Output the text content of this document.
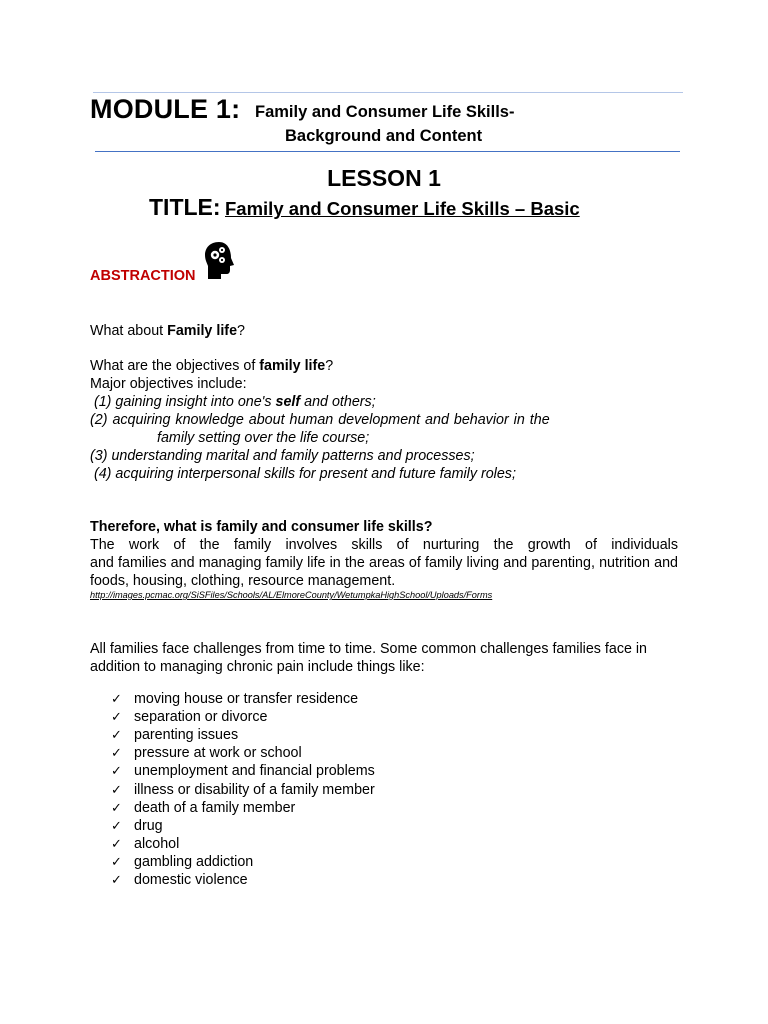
MODULE 1: Family and Consumer Life Skills-
Background and Content
LESSON 1
TITLE: Family and Consumer Life Skills – Basic
ABSTRACTION
What about Family life?
What are the objectives of family life?
Major objectives include:
(1) gaining insight into one's self and others;
(2) acquiring knowledge about human development and behavior in the
family setting over the life course;
(3) understanding marital and family patterns and processes;
(4) acquiring interpersonal skills for present and future family roles;
Therefore, what is family and consumer life skills?
The work of the family involves skills of nurturing the growth of individuals
and families and managing family life in the areas of family living and parenting, nutrition and foods, housing, clothing, resource management.
http://images.pcmac.org/SiSFiles/Schools/AL/ElmoreCounty/WetumpkaHighSchool/Uploads/Forms
All families face challenges from time to time. Some common challenges families face in addition to managing chronic pain include things like:
✓ moving house or transfer residence
✓ separation or divorce
✓ parenting issues
✓ pressure at work or school
✓ unemployment and financial problems
✓ illness or disability of a family member
✓ death of a family member
✓ drug
✓ alcohol
✓ gambling addiction
✓ domestic violence
